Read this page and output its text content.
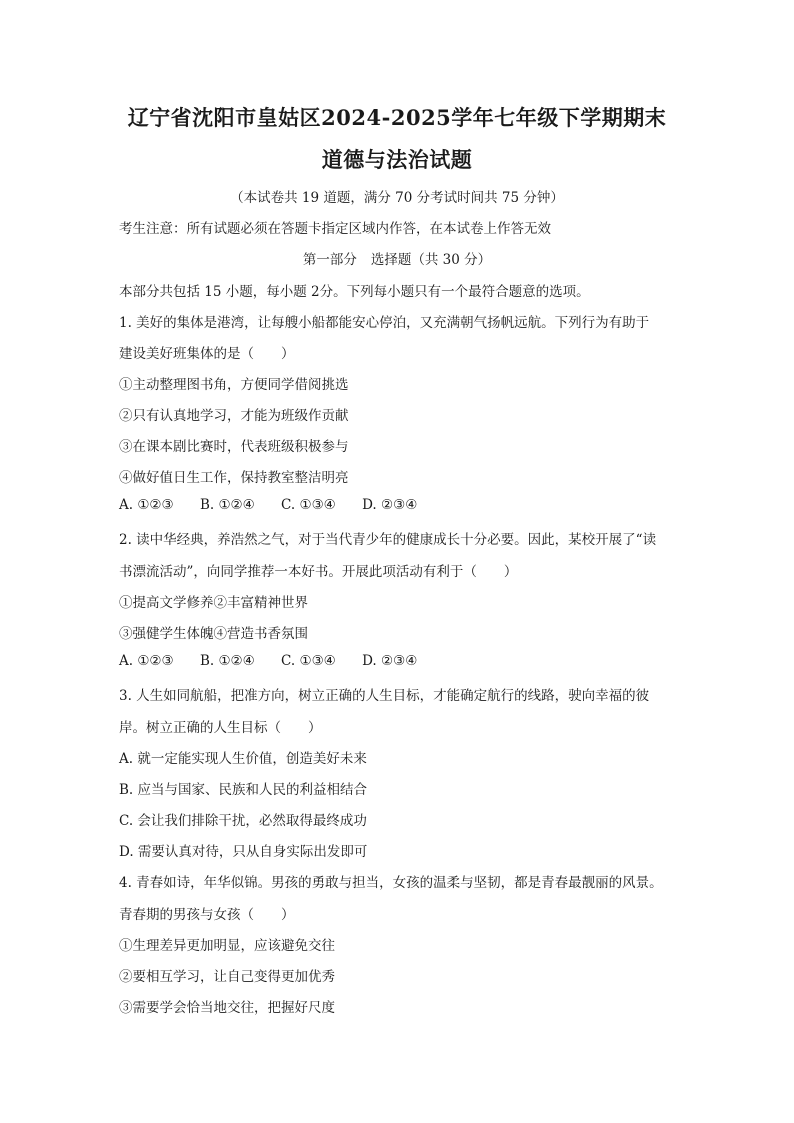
辽宁省沈阳市皇姑区2024-2025学年七年级下学期期末
道德与法治试题
（本试卷共 19 道题，满分 70 分考试时间共 75 分钟）
考生注意：所有试题必须在答题卡指定区域内作答，在本试卷上作答无效
本部分共包括 15 小题，每小题 2分。下列每小题只有一个最符合题意的选项。
1. 美好的集体是港湾，让每艘小船都能安心停泊，又充满朝气扬帆远航。下列行为有助于
建设美好班集体的是（　　）
①主动整理图书角，方便同学借阅挑选
②只有认真地学习，才能为班级作贡献
③在课本剧比赛时，代表班级积极参与
④做好值日生工作，保持教室整洁明亮
A. ①②③ B. ①②④ C. ①③④ D. ②③④
2. 读中华经典，养浩然之气，对于当代青少年的健康成长十分必要。因此，某校开展了“读
书漂流活动”，向同学推荐一本好书。开展此项活动有利于（　　）
①提高文学修养②丰富精神世界
③强健学生体魄④营造书香氛围
A. ①②③ B. ①②④ C. ①③④ D. ②③④
3. 人生如同航船，把准方向，树立正确的人生目标，才能确定航行的线路，驶向幸福的彼
岸。树立正确的人生目标（　　）
A. 就一定能实现人生价值，创造美好未来
B. 应当与国家、民族和人民的利益相结合
C. 会让我们排除干扰，必然取得最终成功
D. 需要认真对待，只从自身实际出发即可
4. 青春如诗，年华似锦。男孩的勇敢与担当，女孩的温柔与坚韧，都是青春最靓丽的风景。
青春期的男孩与女孩（　　）
①生理差异更加明显，应该避免交往
②要相互学习，让自己变得更加优秀
③需要学会恰当地交往，把握好尺度
第一部分 选择题（共 30 分）
